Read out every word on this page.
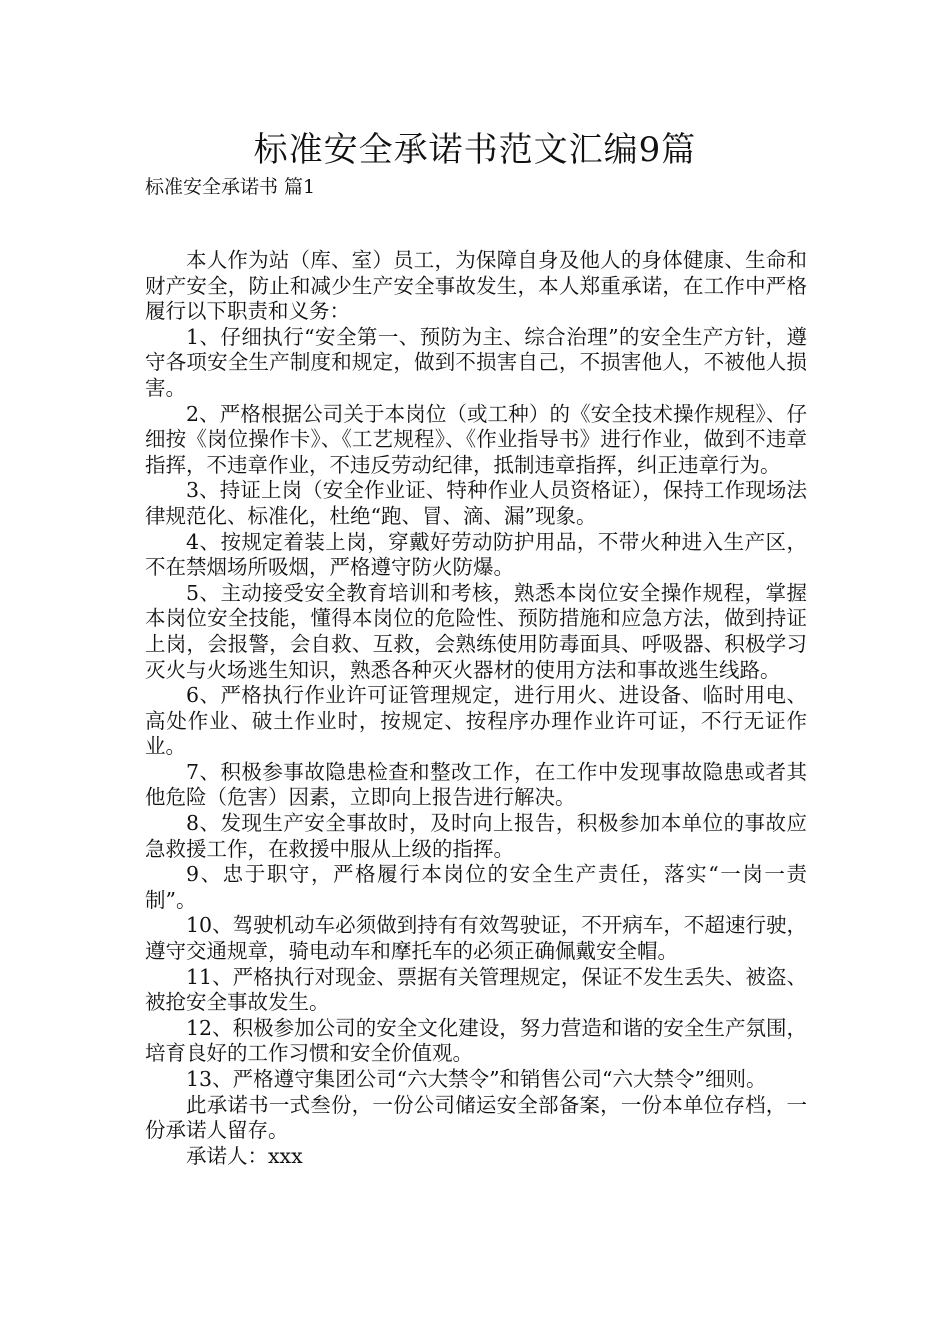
标准安全承诺书范文汇编9篇
标准安全承诺书 篇1

本人作为站（库、室）员工，为保障自身及他人的身体健康、生命和财产安全，防止和减少生产安全事故发生，本人郑重承诺，在工作中严格履行以下职责和义务：

1、仔细执行“安全第一、预防为主、综合治理”的安全生产方针，遵守各项安全生产制度和规定，做到不损害自己，不损害他人，不被他人损害。

2、严格根据公司关于本岗位（或工种）的《安全技术操作规程》、仔细按《岗位操作卡》、《工艺规程》、《作业指导书》进行作业，做到不违章指挥，不违章作业，不违反劳动纪律，抵制违章指挥，纠正违章行为。

3、持证上岗（安全作业证、特种作业人员资格证），保持工作现场法律规范化、标准化，杜绝“跑、冒、滴、漏”现象。

4、按规定着装上岗，穿戴好劳动防护用品，不带火种进入生产区，不在禁烟场所吸烟，严格遵守防火防爆。

5、主动接受安全教育培训和考核，熟悉本岗位安全操作规程，掌握本岗位安全技能，懂得本岗位的危险性、预防措施和应急方法，做到持证上岗，会报警，会自救、互救，会熟练使用防毒面具、呼吸器、积极学习灭火与火场逃生知识，熟悉各种灭火器材的使用方法和事故逃生线路。

6、严格执行作业许可证管理规定，进行用火、进设备、临时用电、高处作业、破土作业时，按规定、按程序办理作业许可证，不行无证作业。

7、积极参事故隐患检查和整改工作，在工作中发现事故隐患或者其他危险（危害）因素，立即向上报告进行解决。

8、发现生产安全事故时，及时向上报告，积极参加本单位的事故应急救援工作，在救援中服从上级的指挥。

9、忠于职守，严格履行本岗位的安全生产责任，落实“一岗一责制”。

10、驾驶机动车必须做到持有有效驾驶证，不开病车，不超速行驶，遵守交通规章，骑电动车和摩托车的必须正确佩戴安全帽。

11、严格执行对现金、票据有关管理规定，保证不发生丢失、被盗、被抢安全事故发生。

12、积极参加公司的安全文化建设，努力营造和谐的安全生产氛围，培育良好的工作习惯和安全价值观。

13、严格遵守集团公司“六大禁令”和销售公司“六大禁令”细则。

此承诺书一式叁份，一份公司储运安全部备案，一份本单位存档，一份承诺人留存。

承诺人：xxx
